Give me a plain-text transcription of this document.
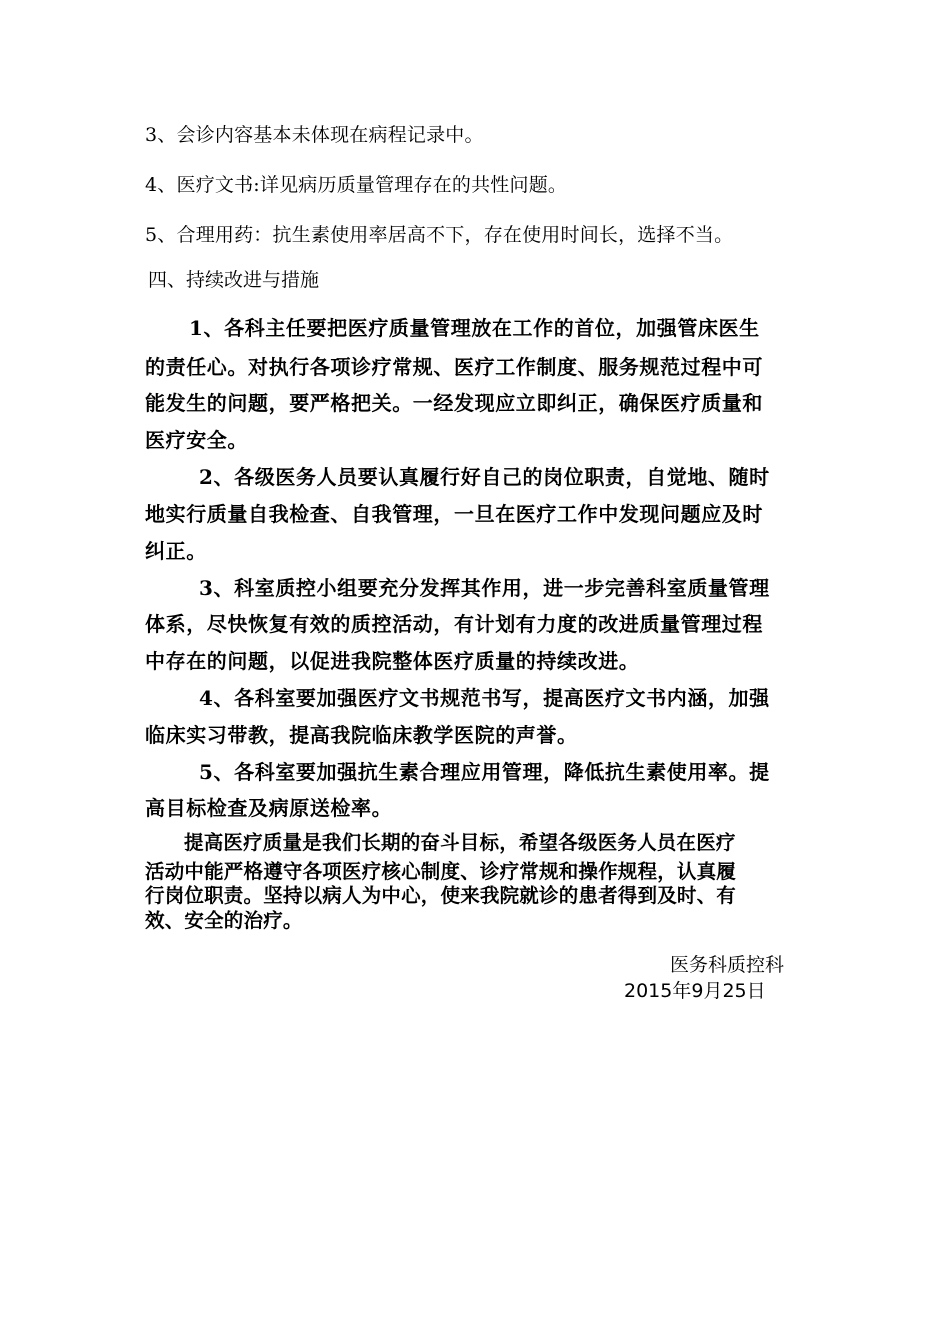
3、会诊内容基本未体现在病程记录中。
4、医疗文书:详见病历质量管理存在的共性问题。
5、合理用药：抗生素使用率居高不下，存在使用时间长，选择不当。
四、持续改进与措施
1、各科主任要把医疗质量管理放在工作的首位，加强管床医生
的责任心。对执行各项诊疗常规、医疗工作制度、服务规范过程中可
能发生的问题，要严格把关。一经发现应立即纠正，确保医疗质量和
医疗安全。
2、各级医务人员要认真履行好自己的岗位职责，自觉地、随时
地实行质量自我检查、自我管理，一旦在医疗工作中发现问题应及时
纠正。
3、科室质控小组要充分发挥其作用，进一步完善科室质量管理
体系，尽快恢复有效的质控活动，有计划有力度的改进质量管理过程
中存在的问题，以促进我院整体医疗质量的持续改进。
4、各科室要加强医疗文书规范书写，提高医疗文书内涵，加强
临床实习带教，提高我院临床教学医院的声誉。
5、各科室要加强抗生素合理应用管理，降低抗生素使用率。提
高目标检查及病原送检率。
提高医疗质量是我们长期的奋斗目标，希望各级医务人员在医疗
活动中能严格遵守各项医疗核心制度、诊疗常规和操作规程，认真履
行岗位职责。坚持以病人为中心，使来我院就诊的患者得到及时、有
效、安全的治疗。
医务科质控科
2015年9月25日
